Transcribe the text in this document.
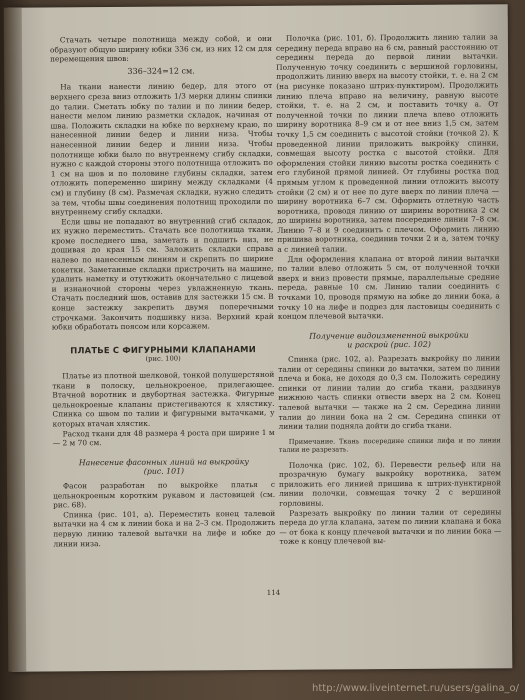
Стачать четыре полотнища между собой, и они образуют общую ширину юбки 336 см, из них 12 см для перемещения швов:

336–324=12 см.

На ткани нанести линию бедер, для этого от верхнего среза вниз отложить 1/3 мерки длины спинки до талии. Сметать юбку по талии и по линии бедер, нанести мелом линию разметки складок, начиная от шва. Положить складки на юбке по верхнему краю, по нанесенной линии бедер и линии низа. Чтобы нанесенной линии бедер и линии низа. Чтобы полотнище юбки было по внутреннему сгибу складки, нужно с каждой стороны этого полотнища отложить по 1 см на шов и по половине глубины складки, затем отложить попеременно ширину между складками (4 см) и глубину (8 см). Размечая складки, нужно следить за тем, чтобы швы соединения полотнищ проходили по внутреннему сгибу складки.

Если швы не попадают во внутренний сгиб складок, их нужно переместить. Стачать все полотнища ткани, кроме последнего шва, заметать и подшить низ, не дошивая до края 15 см. Заложить складки справа налево по нанесенным линиям и скрепить по ширине кокетки. Заметанные складки пристрочить на машине, удалить наметку и отутюжить окончательно с лицевой и изнаночной стороны через увлажненную ткань. Стачать последний шов, оставив для застежки 15 см. В конце застежку закрепить двумя поперечными строчками. Закончить подшивку низа. Верхний край юбки обработать поясом или корсажем.

ПЛАТЬЕ С ФИГУРНЫМИ КЛАПАНАМИ
(рис. 100)

Платье из плотной шелковой, тонкой полушерстяной ткани в полоску, цельнокроеное, прилегающее. Втачной воротник и двубортная застежка. Фигурные цельнокроеные клапаны пристегиваются к хлястику. Спинка со швом по талии и фигурными вытачками, у которых втачан хлястик.

Расход ткани для 48 размера 4 роста при ширине 1 м — 2 м 70 см.

Нанесение фасонных линий на выкройку
(рис. 101)

Фасон разработан по выкройке платья с цельнокроеным коротким рукавом и ластовицей (см. рис. 68).

Спинка (рис. 101, а). Переместить конец талевой вытачки на 4 см к линии бока и на 2–3 см. Продолжить первую линию талевой вытачки на лифе и юбке до линии низа.

Полочка (рис. 101, б). Продолжить линию талии за середину переда вправо на 6 см, равный расстоянию от середины переда до первой линии вытачки. Полученную точку соединить с вершиной горловины, продолжить линию вверх на высоту стойки, т. е. на 2 см (на рисунке показано штрих-пунктиром). Продолжить линию плеча вправо на величину, равную высоте стойки, т. е. на 2 см, и поставить точку а. От полученной точки по линии плеча влево отложить ширину воротника 8–9 см и от нее вниз 1,5 см, затем точку 1,5 см соединить с высотой стойки (точкой 2). К проведенной линии приложить выкройку спинки, совмещая высоту ростка с высотой стойки. Для оформления стойки линию высоты ростка соединить с его глубиной прямой линией. От глубины ростка под прямым углом к проведенной линии отложить высоту стойки (2 см) и от нее по дуге вверх по линии плеча — ширину воротника 6–7 см. Оформить отлетную часть воротника, проводя линию от ширины воротника 2 см до ширины воротника, затем посередине линии 7–8 см. Линию 7–8 и 9 соединить с плечом. Оформить линию пришива воротника, соединив точки 2 и а, затем точку а с линией талии.

Для оформления клапана от второй линии вытачки по талии влево отложить 5 см, от полученной точки вверх и вниз провести прямые, параллельные средние переда, равные 10 см. Линию талии соединить с точками 10, проводя прямую на юбке до линии бока, а точку 10 на лифе и подрез для ластовицы соединить с концом плечевой вытачки.

Получение видоизмененной выкройки
и раскрой (рис. 102)

Спинка (рис. 102, а). Разрезать выкройку по линии талии от середины спинки до вытачки, затем по линии плеча и бока, не доходя до 0,3 см. Положить середину спинки от линии талии до сгиба ткани, раздвинув нижнюю часть спинки отвести вверх на 2 см. Конец талевой вытачки — также на 2 см. Середина линии талии до линии бока на 2 см. Середина спинки от линии талии подняла дойти до сгиба ткани.

Примечание. Ткань посередине спинки лифа и по линии талии не разрезать.

Полочка (рис. 102, б). Перевести рельеф или на прозрачную бумагу выкройку воротника, затем приложить его линией пришива к штрих-пунктирной линии полочки, совмещая точку 2 с вершиной горловины.

Разрезать выкройку по линии талии от середины переда до угла клапана, затем по линии клапана и бока — от бока к концу плечевой вытачки и по линии бока — тоже к концу плечевой вы-

114
http://www.liveinternet.ru/users/galina_o/
